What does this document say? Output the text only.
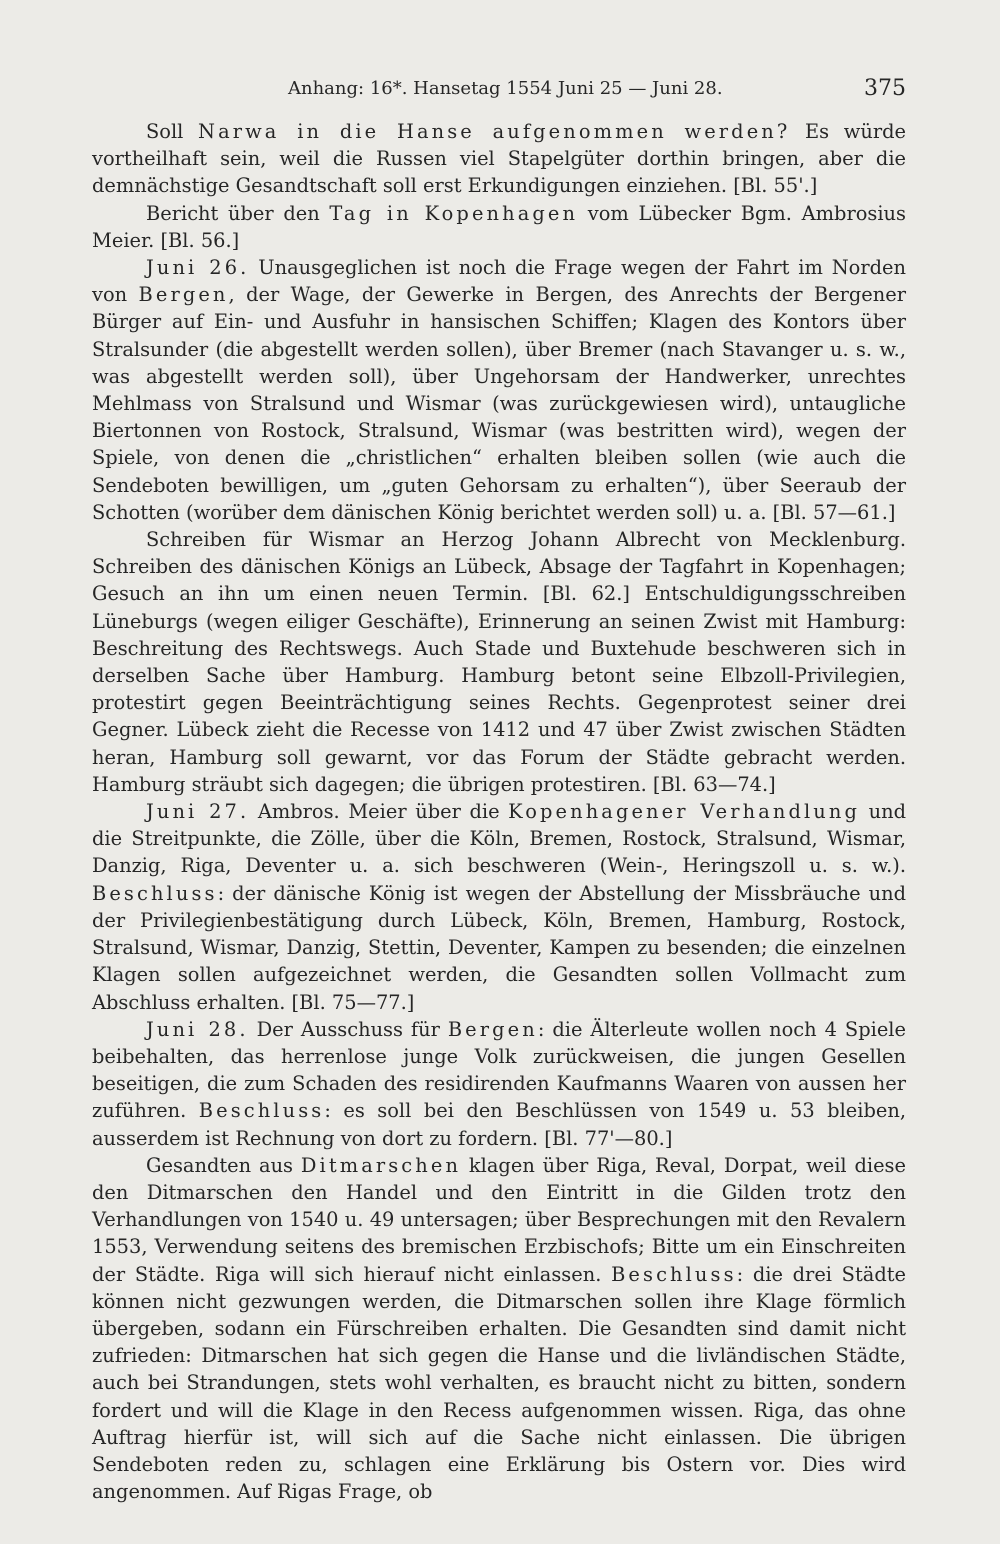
Anhang: 16*. Hansetag 1554 Juni 25 — Juni 28.	375

Soll Narwa in die Hanse aufgenommen werden? Es würde vortheilhaft sein, weil die Russen viel Stapelgüter dorthin bringen, aber die demnächstige Gesandtschaft soll erst Erkundigungen einziehen. [Bl. 55'.]

Bericht über den Tag in Kopenhagen vom Lübecker Bgm. Ambrosius Meier. [Bl. 56.]

Juni 26. Unausgeglichen ist noch die Frage wegen der Fahrt im Norden von Bergen, der Wage, der Gewerke in Bergen, des Anrechts der Bergener Bürger auf Ein- und Ausfuhr in hansischen Schiffen; Klagen des Kontors über Stralsunder (die abgestellt werden sollen), über Bremer (nach Stavanger u. s. w., was abgestellt werden soll), über Ungehorsam der Handwerker, unrechtes Mehlmass von Stralsund und Wismar (was zurückgewiesen wird), untaugliche Biertonnen von Rostock, Stralsund, Wismar (was bestritten wird), wegen der Spiele, von denen die „christlichen“ erhalten bleiben sollen (wie auch die Sendeboten bewilligen, um „guten Gehorsam zu erhalten“), über Seeraub der Schotten (worüber dem dänischen König berichtet werden soll) u. a. [Bl. 57—61.]

Schreiben für Wismar an Herzog Johann Albrecht von Mecklenburg. Schreiben des dänischen Königs an Lübeck, Absage der Tagfahrt in Kopenhagen; Gesuch an ihn um einen neuen Termin. [Bl. 62.] Entschuldigungsschreiben Lüneburgs (wegen eiliger Geschäfte), Erinnerung an seinen Zwist mit Hamburg: Beschreitung des Rechtswegs. Auch Stade und Buxtehude beschweren sich in derselben Sache über Hamburg. Hamburg betont seine Elbzoll-Privilegien, protestirt gegen Beeinträchtigung seines Rechts. Gegenprotest seiner drei Gegner. Lübeck zieht die Recesse von 1412 und 47 über Zwist zwischen Städten heran, Hamburg soll gewarnt, vor das Forum der Städte gebracht werden. Hamburg sträubt sich dagegen; die übrigen protestiren. [Bl. 63—74.]

Juni 27. Ambros. Meier über die Kopenhagener Verhandlung und die Streitpunkte, die Zölle, über die Köln, Bremen, Rostock, Stralsund, Wismar, Danzig, Riga, Deventer u. a. sich beschweren (Wein-, Heringszoll u. s. w.). Beschluss: der dänische König ist wegen der Abstellung der Missbräuche und der Privilegienbestätigung durch Lübeck, Köln, Bremen, Hamburg, Rostock, Stralsund, Wismar, Danzig, Stettin, Deventer, Kampen zu besenden; die einzelnen Klagen sollen aufgezeichnet werden, die Gesandten sollen Vollmacht zum Abschluss erhalten. [Bl. 75—77.]

Juni 28. Der Ausschuss für Bergen: die Älterleute wollen noch 4 Spiele beibehalten, das herrenlose junge Volk zurückweisen, die jungen Gesellen beseitigen, die zum Schaden des residirenden Kaufmanns Waaren von aussen her zuführen. Beschluss: es soll bei den Beschlüssen von 1549 u. 53 bleiben, ausserdem ist Rechnung von dort zu fordern. [Bl. 77'—80.]

Gesandten aus Ditmarschen klagen über Riga, Reval, Dorpat, weil diese den Ditmarschen den Handel und den Eintritt in die Gilden trotz den Verhandlungen von 1540 u. 49 untersagen; über Besprechungen mit den Revalern 1553, Verwendung seitens des bremischen Erzbischofs; Bitte um ein Einschreiten der Städte. Riga will sich hierauf nicht einlassen. Beschluss: die drei Städte können nicht gezwungen werden, die Ditmarschen sollen ihre Klage förmlich übergeben, sodann ein Fürschreiben erhalten. Die Gesandten sind damit nicht zufrieden: Ditmarschen hat sich gegen die Hanse und die livländischen Städte, auch bei Strandungen, stets wohl verhalten, es braucht nicht zu bitten, sondern fordert und will die Klage in den Recess aufgenommen wissen. Riga, das ohne Auftrag hierfür ist, will sich auf die Sache nicht einlassen. Die übrigen Sendeboten reden zu, schlagen eine Erklärung bis Ostern vor. Dies wird angenommen. Auf Rigas Frage, ob
